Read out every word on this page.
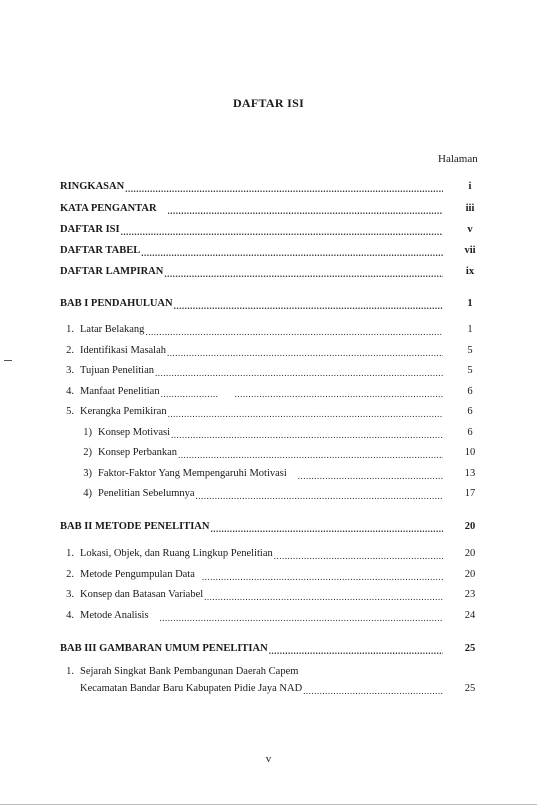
DAFTAR ISI
Halaman
RINGKASAN .....	i
KATA PENGANTAR .....	iii
DAFTAR ISI .....	v
DAFTAR TABEL .....	vii
DAFTAR LAMPIRAN .....	ix
BAB I PENDAHULUAN .....	1
1. Latar Belakang .....	1
2. Identifikasi Masalah .....	5
3. Tujuan Penelitian .....	5
4. Manfaat Penelitian ..... .....	6
5. Kerangka Pemikiran .....	6
1) Konsep Motivasi .....	6
2) Konsep Perbankan .....	10
3) Faktor-Faktor Yang Mempengaruhi Motivasi .....	13
4) Penelitian Sebelumnya .....	17
BAB II METODE PENELITIAN .....	20
1. Lokasi, Objek, dan Ruang Lingkup Penelitian .....	20
2. Metode Pengumpulan Data .....	20
3. Konsep dan Batasan Variabel .....	23
4. Metode Analisis .....	24
BAB III GAMBARAN UMUM PENELITIAN .....	25
1. Sejarah Singkat Bank Pembangunan Daerah Capem
Kecamatan Bandar Baru Kabupaten Pidie Jaya NAD .....	25
v
